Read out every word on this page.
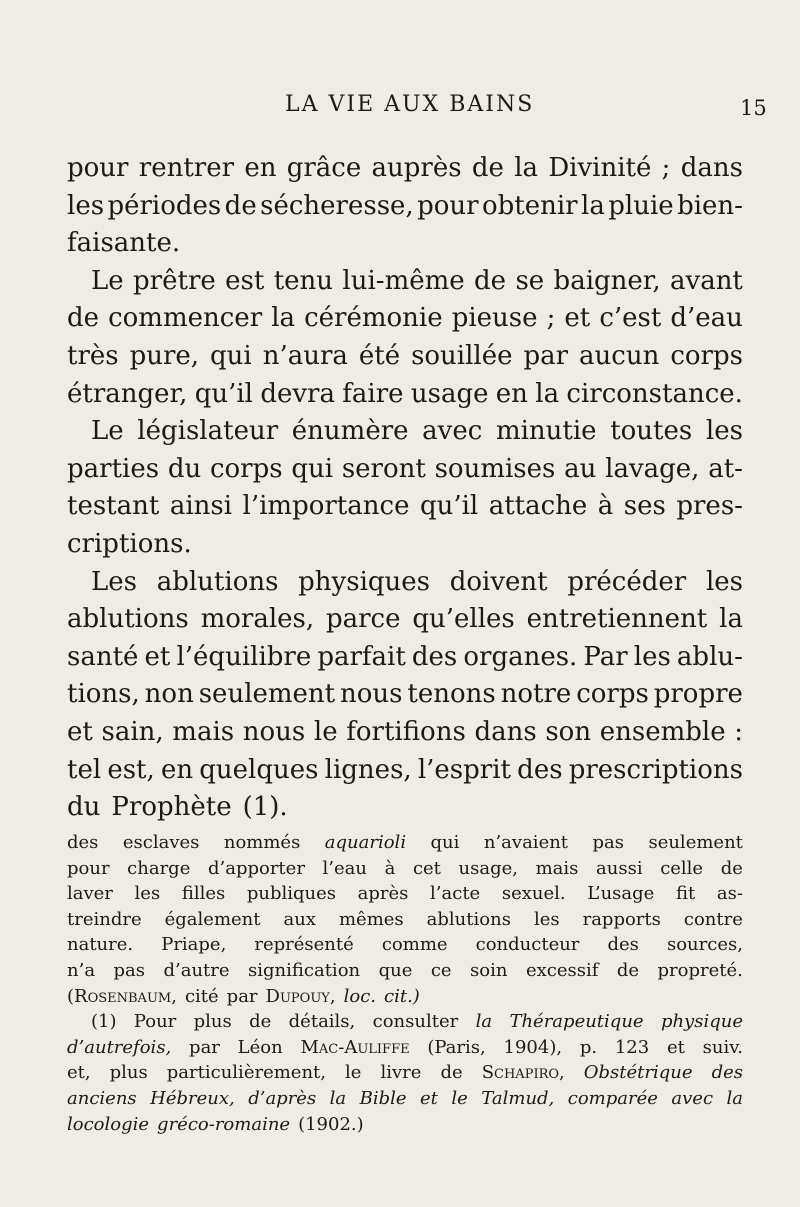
LA VIE AUX BAINS	15
pour rentrer en grâce auprès de la Divinité ; dans
les périodes de sécheresse, pour obtenir la pluie bien-
faisante.
Le prêtre est tenu lui-même de se baigner, avant
de commencer la cérémonie pieuse ; et c’est d’eau
très pure, qui n’aura été souillée par aucun corps
étranger, qu’il devra faire usage en la circonstance.
Le législateur énumère avec minutie toutes les
parties du corps qui seront soumises au lavage, at-
testant ainsi l’importance qu’il attache à ses pres-
criptions.
Les ablutions physiques doivent précéder les
ablutions morales, parce qu’elles entretiennent la
santé et l’équilibre parfait des organes. Par les ablu-
tions, non seulement nous tenons notre corps propre
et sain, mais nous le fortifions dans son ensemble :
tel est, en quelques lignes, l’esprit des prescriptions
du Prophète (1).
des esclaves nommés aquarioli qui n’avaient pas seulement
pour charge d’apporter l’eau à cet usage, mais aussi celle de
laver les filles publiques après l’acte sexuel. L’usage fit as-
treindre également aux mêmes ablutions les rapports contre
nature. Priape, représenté comme conducteur des sources,
n’a pas d’autre signification que ce soin excessif de propreté.
(Rosenbaum, cité par Dupouy, loc. cit.)
(1) Pour plus de détails, consulter la Thérapeutique physique
d’autrefois, par Léon Mac-Auliffe (Paris, 1904), p. 123 et suiv.
et, plus particulièrement, le livre de Schapiro, Obstétrique des
anciens Hébreux, d’après la Bible et le Talmud, comparée avec la
locologie gréco-romaine (1902.)
